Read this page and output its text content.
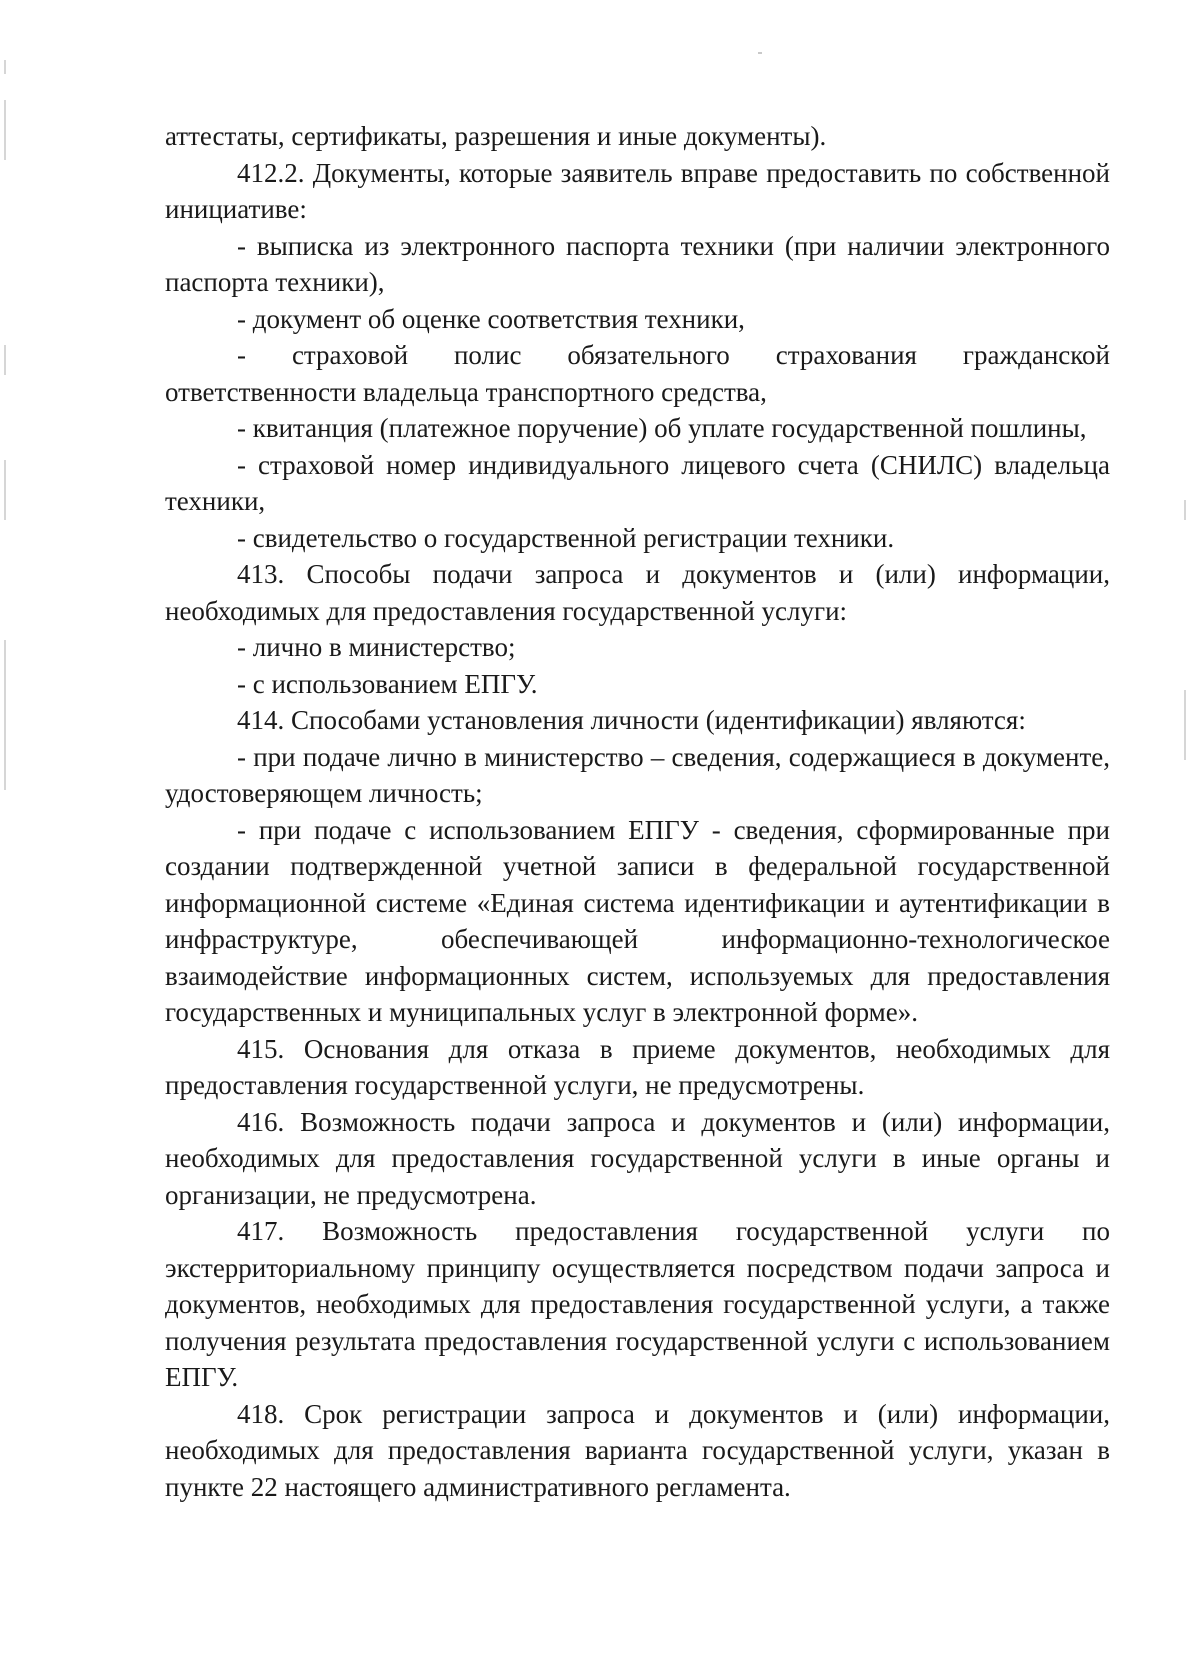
аттестаты, сертификаты, разрешения и иные документы).

412.2. Документы, которые заявитель вправе предоставить по собственной инициативе:

- выписка из электронного паспорта техники (при наличии электронного паспорта техники),

- документ об оценке соответствия техники,

- страховой полис обязательного страхования гражданской ответственности владельца транспортного средства,

- квитанция (платежное поручение) об уплате государственной пошлины,

- страховой номер индивидуального лицевого счета (СНИЛС) владельца техники,

- свидетельство о государственной регистрации техники.

413. Способы подачи запроса и документов и (или) информации, необходимых для предоставления государственной услуги:

- лично в министерство;

- с использованием ЕПГУ.

414. Способами установления личности (идентификации) являются:

- при подаче лично в министерство – сведения, содержащиеся в документе, удостоверяющем личность;

- при подаче с использованием ЕПГУ - сведения, сформированные при создании подтвержденной учетной записи в федеральной государственной информационной системе «Единая система идентификации и аутентификации в инфраструктуре, обеспечивающей информационно-технологическое взаимодействие информационных систем, используемых для предоставления государственных и муниципальных услуг в электронной форме».

415. Основания для отказа в приеме документов, необходимых для предоставления государственной услуги, не предусмотрены.

416. Возможность подачи запроса и документов и (или) информации, необходимых для предоставления государственной услуги в иные органы и организации, не предусмотрена.

417. Возможность предоставления государственной услуги по экстерриториальному принципу осуществляется посредством подачи запроса и документов, необходимых для предоставления государственной услуги, а также получения результата предоставления государственной услуги с использованием ЕПГУ.

418. Срок регистрации запроса и документов и (или) информации, необходимых для предоставления варианта государственной услуги, указан в пункте 22 настоящего административного регламента.
